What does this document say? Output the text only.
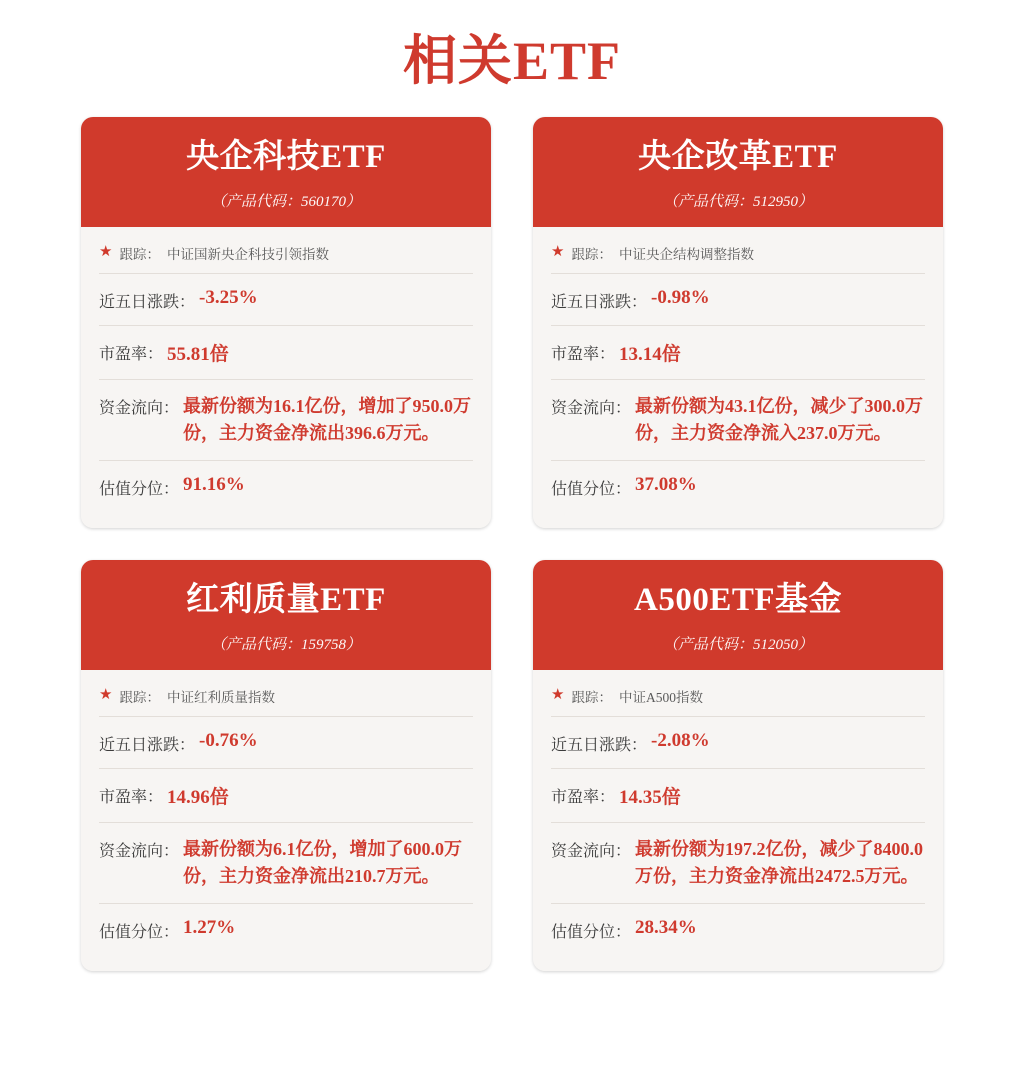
相关ETF
央企科技ETF
（产品代码：560170）
★ 跟踪： 中证国新央企科技引领指数
近五日涨跌： -3.25%
市盈率： 55.81倍
资金流向： 最新份额为16.1亿份，增加了950.0万份，主力资金净流出396.6万元。
估值分位： 91.16%
央企改革ETF
（产品代码：512950）
★ 跟踪： 中证央企结构调整指数
近五日涨跌： -0.98%
市盈率： 13.14倍
资金流向： 最新份额为43.1亿份，减少了300.0万份，主力资金净流入237.0万元。
估值分位： 37.08%
红利质量ETF
（产品代码：159758）
★ 跟踪： 中证红利质量指数
近五日涨跌： -0.76%
市盈率： 14.96倍
资金流向： 最新份额为6.1亿份，增加了600.0万份，主力资金净流出210.7万元。
估值分位： 1.27%
A500ETF基金
（产品代码：512050）
★ 跟踪： 中证A500指数
近五日涨跌： -2.08%
市盈率： 14.35倍
资金流向： 最新份额为197.2亿份，减少了8400.0万份，主力资金净流出2472.5万元。
估值分位： 28.34%
